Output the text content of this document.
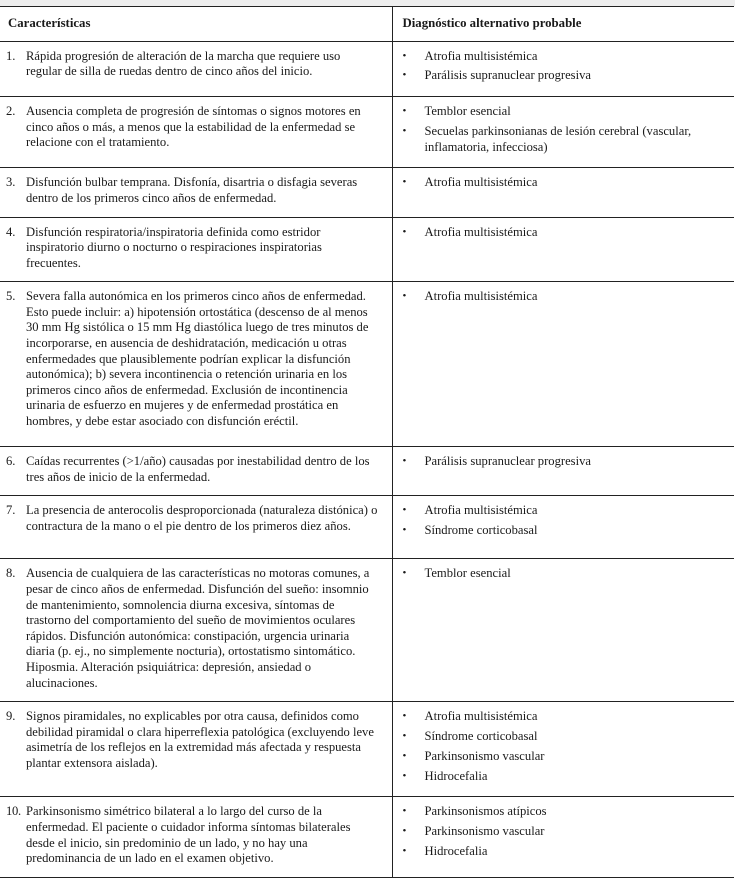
Características	Diagnóstico alternativo probable

1. Rápida progresión de alteración de la marcha que requiere uso regular de silla de ruedas dentro de cinco años del inicio.

•	Atrofia multisistémica
•	Parálisis supranuclear progresiva

2. Ausencia completa de progresión de síntomas o signos motores en cinco años o más, a menos que la estabilidad de la enfermedad se relacione con el tratamiento.

•	Temblor esencial
•	Secuelas parkinsonianas de lesión cerebral (vascular, inflamatoria, infecciosa)

3. Disfunción bulbar temprana. Disfonía, disartria o disfagia severas dentro de los primeros cinco años de enfermedad.

•	Atrofia multisistémica

4. Disfunción respiratoria/inspiratoria definida como estridor inspiratorio diurno o nocturno o respiraciones inspiratorias frecuentes.

•	Atrofia multisistémica

5. Severa falla autonómica en los primeros cinco años de enfermedad. Esto puede incluir: a) hipotensión ortostática (descenso de al menos 30 mm Hg sistólica o 15 mm Hg diastólica luego de tres minutos de incorporarse, en ausencia de deshidratación, medicación u otras enfermedades que plausiblemente podrían explicar la disfunción autonómica); b) severa incontinencia o retención urinaria en los primeros cinco años de enfermedad. Exclusión de incontinencia urinaria de esfuerzo en mujeres y de enfermedad prostática en hombres, y debe estar asociado con disfunción eréctil.

•	Atrofia multisistémica

6. Caídas recurrentes (>1/año) causadas por inestabilidad dentro de los tres años de inicio de la enfermedad.

•	Parálisis supranuclear progresiva

7. La presencia de anterocolis desproporcionada (naturaleza distónica) o contractura de la mano o el pie dentro de los primeros diez años.

•	Atrofia multisistémica
•	Síndrome corticobasal

8. Ausencia de cualquiera de las características no motoras comunes, a pesar de cinco años de enfermedad. Disfunción del sueño: insomnio de mantenimiento, somnolencia diurna excesiva, síntomas de trastorno del comportamiento del sueño de movimientos oculares rápidos. Disfunción autonómica: constipación, urgencia urinaria diaria (p. ej., no simplemente nocturia), ortostatismo sintomático. Hiposmia. Alteración psiquiátrica: depresión, ansiedad o alucinaciones.

•	Temblor esencial

9. Signos piramidales, no explicables por otra causa, definidos como debilidad piramidal o clara hiperreflexia patológica (excluyendo leve asimetría de los reflejos en la extremidad más afectada y respuesta plantar extensora aislada).

•	Atrofia multisistémica
•	Síndrome corticobasal
•	Parkinsonismo vascular
•	Hidrocefalia

10. Parkinsonismo simétrico bilateral a lo largo del curso de la enfermedad. El paciente o cuidador informa síntomas bilaterales desde el inicio, sin predominio de un lado, y no hay una predominancia de un lado en el examen objetivo.

•	Parkinsonismos atípicos
•	Parkinsonismo vascular
•	Hidrocefalia
